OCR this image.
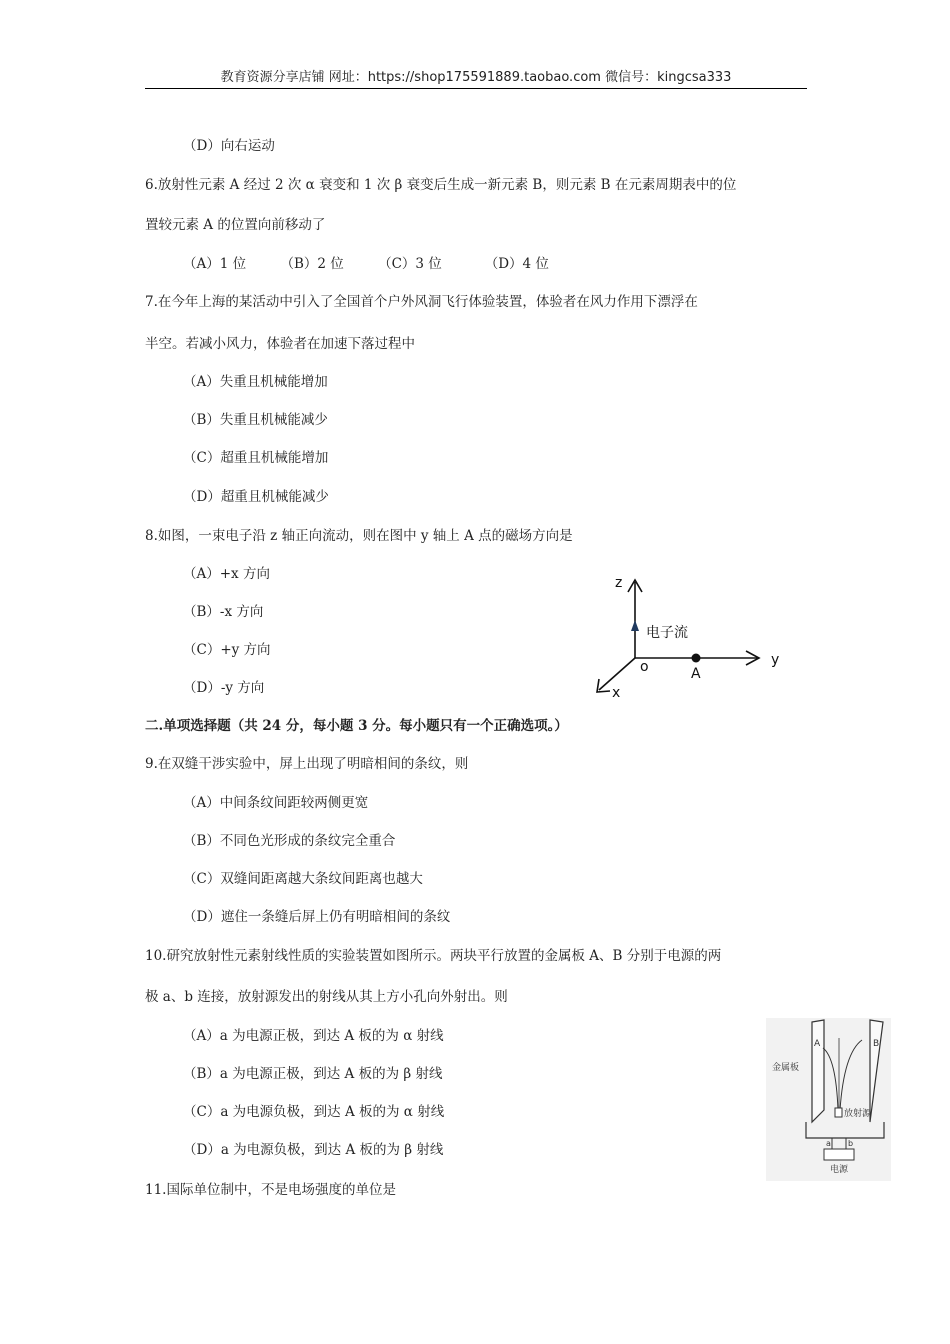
教育资源分享店铺 网址：https://shop175591889.taobao.com 微信号：kingcsa333
（D）向右运动
6.放射性元素 A 经过 2 次 α 衰变和 1 次 β 衰变后生成一新元素 B，则元素 B 在元素周期表中的位
置较元素 A 的位置向前移动了
（A）1 位        （B）2 位        （C）3 位          （D）4 位
7.在今年上海的某活动中引入了全国首个户外风洞飞行体验装置，体验者在风力作用下漂浮在
半空。若减小风力，体验者在加速下落过程中
（A）失重且机械能增加
（B）失重且机械能减少
（C）超重且机械能增加
（D）超重且机械能减少
8.如图，一束电子沿 z 轴正向流动，则在图中 y 轴上 A 点的磁场方向是
（A）+x 方向
（B）-x 方向
（C）+y 方向
（D）-y 方向
z
y
x
o	A
电子流
二.单项选择题（共 24 分，每小题 3 分。每小题只有一个正确选项。）
9.在双缝干涉实验中，屏上出现了明暗相间的条纹，则
（A）中间条纹间距较两侧更宽
（B）不同色光形成的条纹完全重合
（C）双缝间距离越大条纹间距离也越大
（D）遮住一条缝后屏上仍有明暗相间的条纹
10.研究放射性元素射线性质的实验装置如图所示。两块平行放置的金属板 A、B 分别于电源的两
极 a、b 连接，放射源发出的射线从其上方小孔向外射出。则
（A）a 为电源正极，到达 A 板的为 α 射线
（B）a 为电源正极，到达 A 板的为 β 射线
（C）a 为电源负极，到达 A 板的为 α 射线
（D）a 为电源负极，到达 A 板的为 β 射线
金属板
A	B
放射源
a b
电源
11.国际单位制中，不是电场强度的单位是
